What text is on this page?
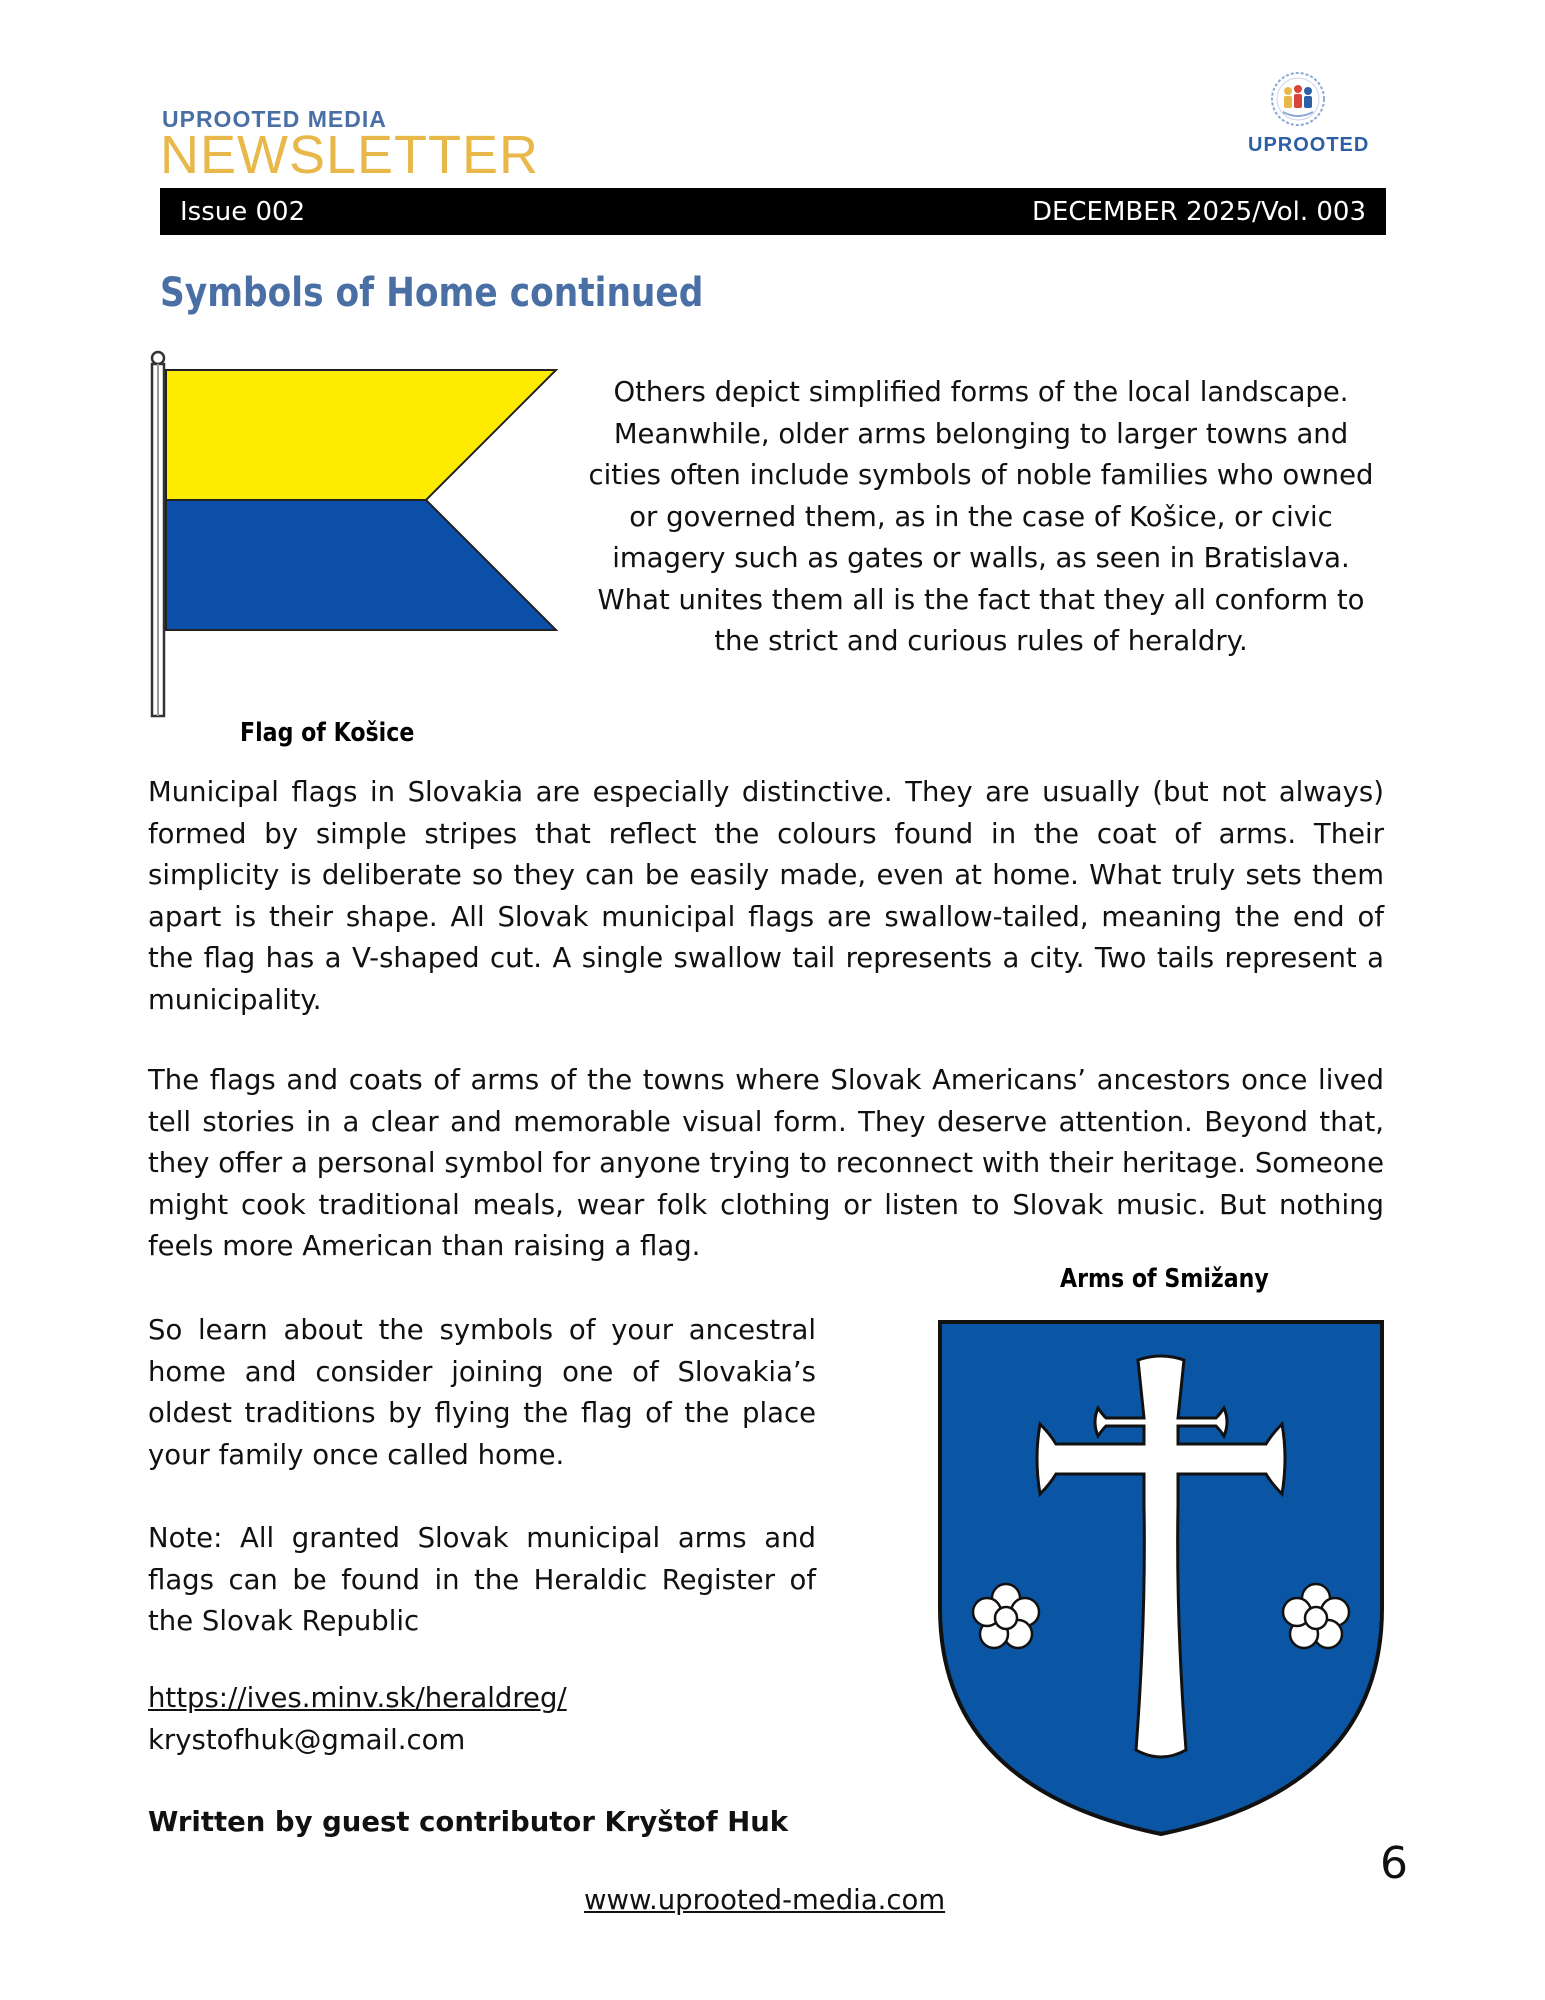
UPROOTED MEDIA
NEWSLETTER	UPROOTED
Issue 002	DECEMBER 2025/Vol. 003
Symbols of Home continued
Flag of Košice
Others depict simplified forms of the local landscape. Meanwhile, older arms belonging to larger towns and cities often include symbols of noble families who owned or governed them, as in the case of Košice, or civic imagery such as gates or walls, as seen in Bratislava. What unites them all is the fact that they all conform to the strict and curious rules of heraldry.
Municipal flags in Slovakia are especially distinctive. They are usually (but not always) formed by simple stripes that reflect the colours found in the coat of arms. Their simplicity is deliberate so they can be easily made, even at home. What truly sets them apart is their shape. All Slovak municipal flags are swallow-tailed, meaning the end of the flag has a V-shaped cut. A single swallow tail represents a city. Two tails represent a municipality.
The flags and coats of arms of the towns where Slovak Americans’ ancestors once lived tell stories in a clear and memorable visual form. They deserve attention. Beyond that, they offer a personal symbol for anyone trying to reconnect with their heritage. Someone might cook traditional meals, wear folk clothing or listen to Slovak music. But nothing feels more American than raising a flag.
So learn about the symbols of your ancestral home and consider joining one of Slovakia’s oldest traditions by flying the flag of the place your family once called home.
Note: All granted Slovak municipal arms and flags can be found in the Heraldic Register of the Slovak Republic
https://ives.minv.sk/heraldreg/
krystofhuk@gmail.com
Written by guest contributor Kryštof Huk
Arms of Smižany
6
www.uprooted-media.com
